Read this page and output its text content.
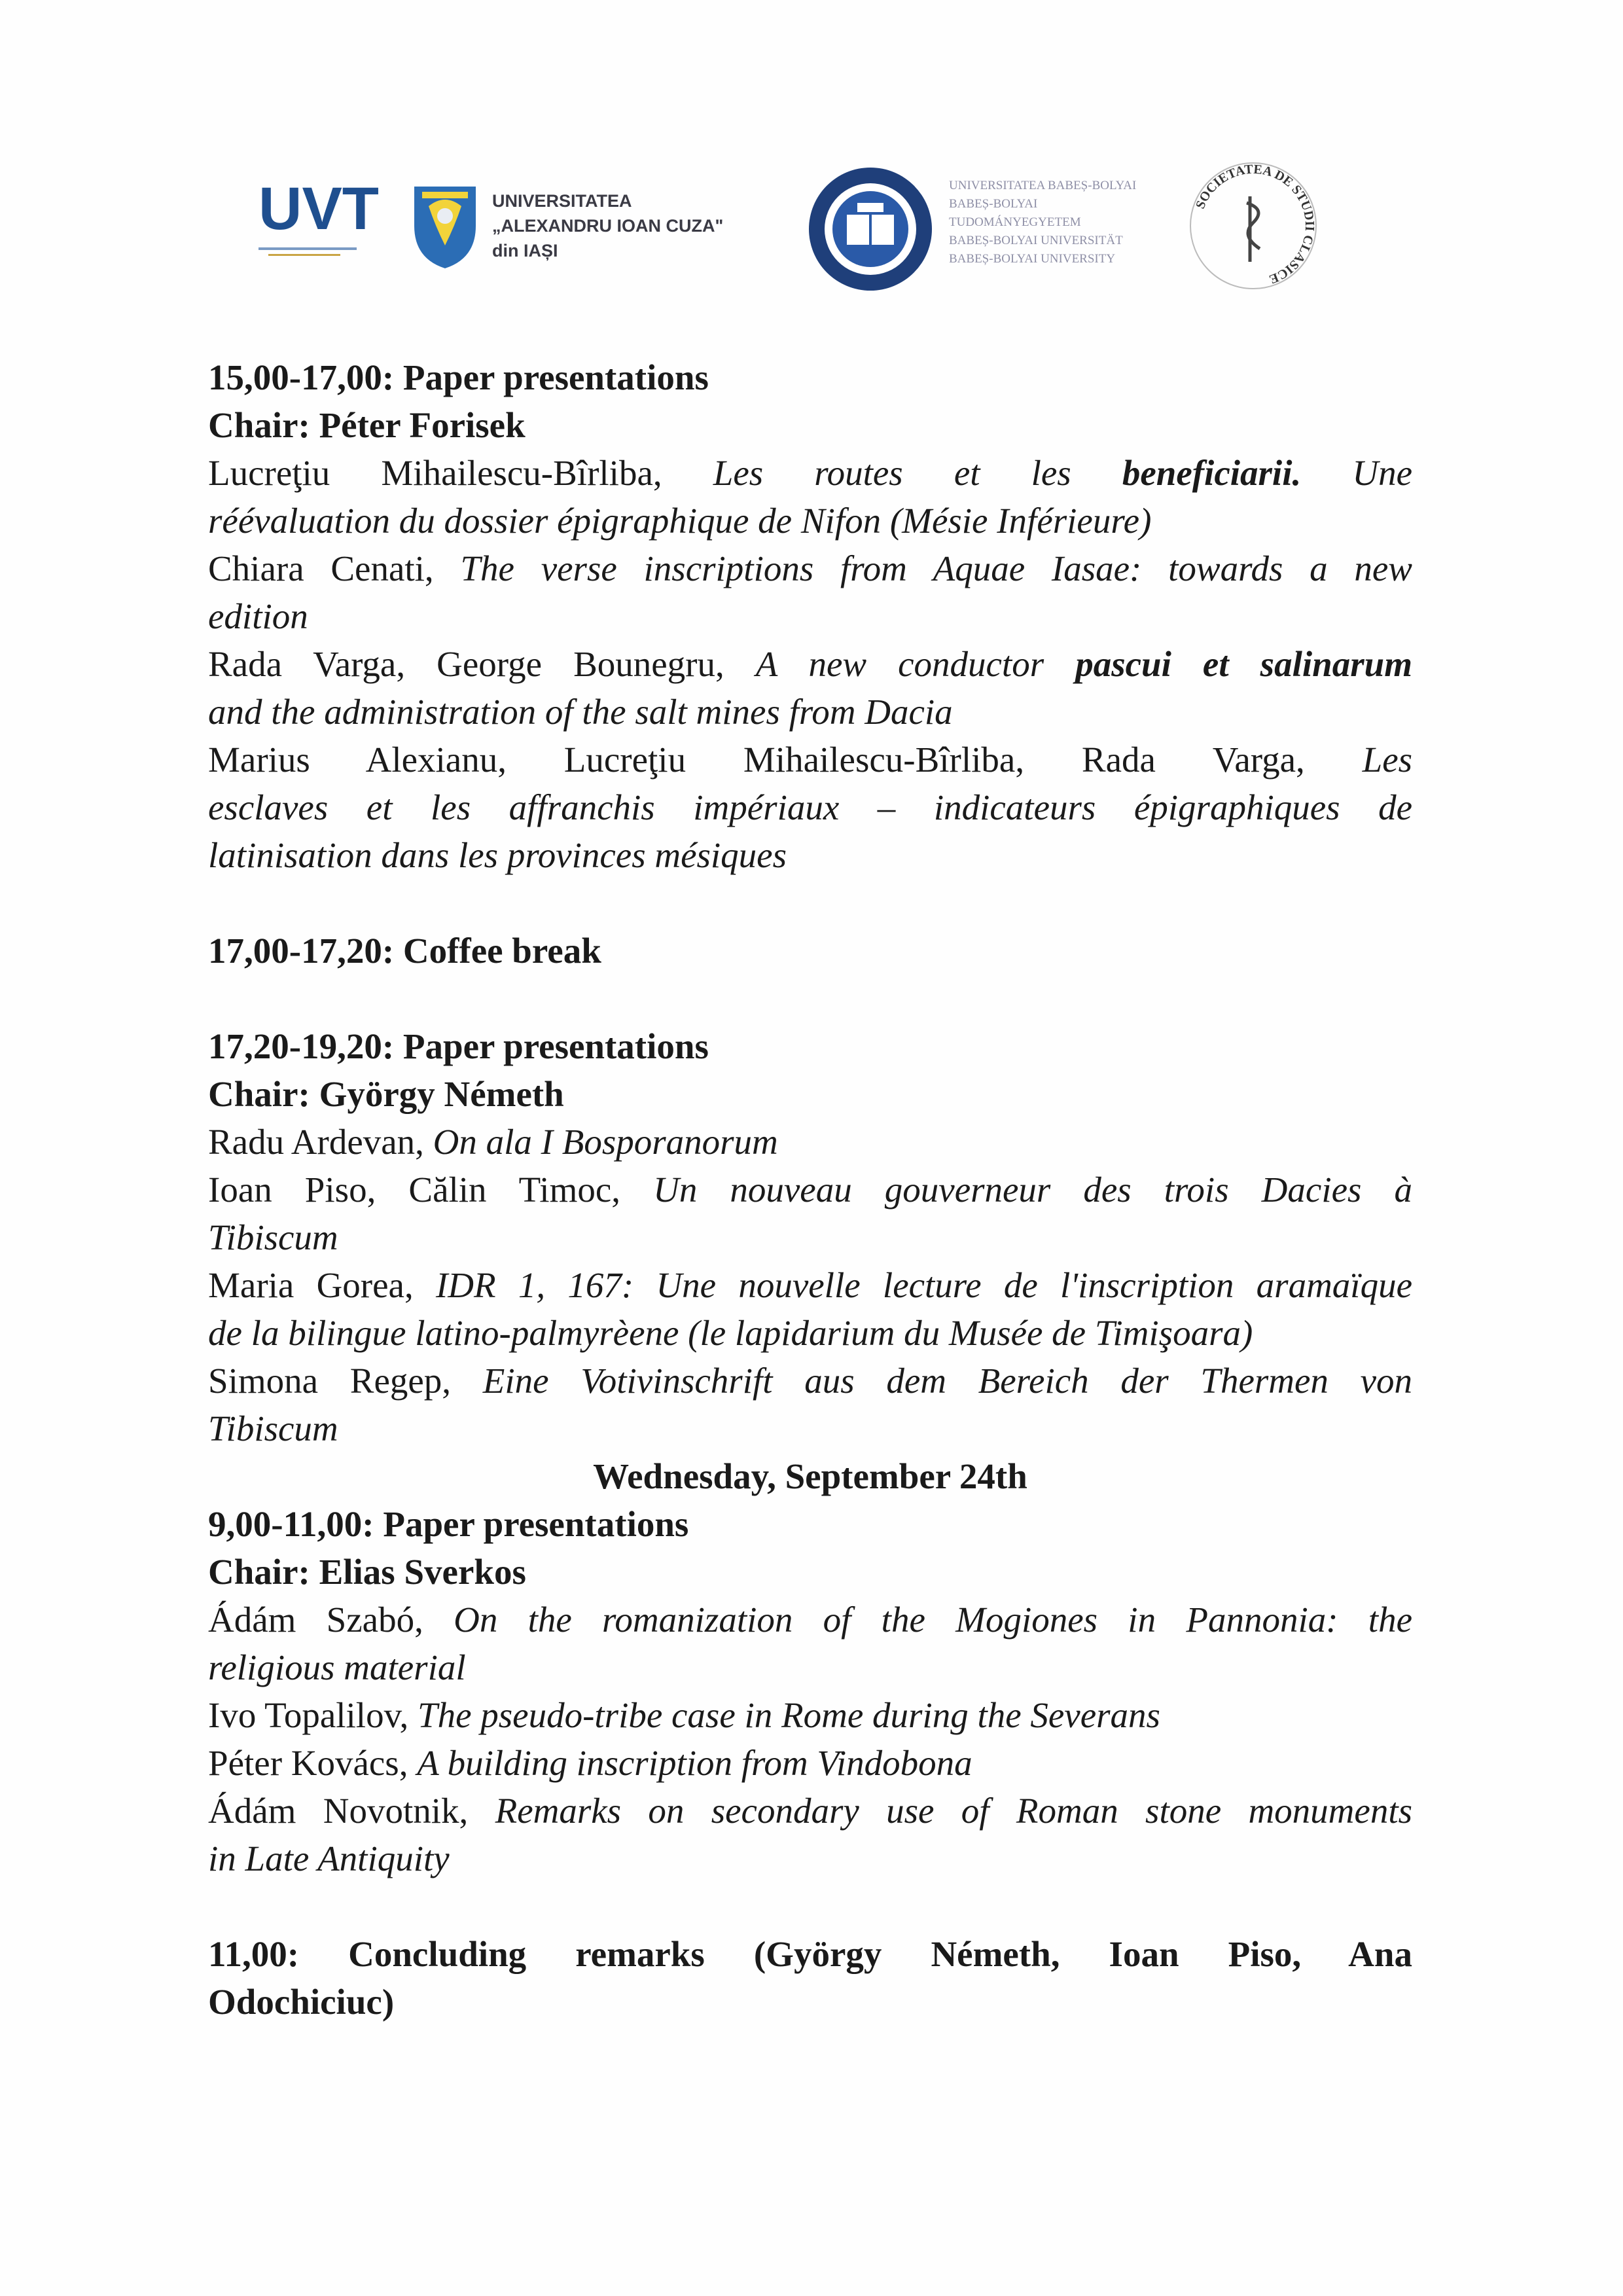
UVT	UNIVERSITATEA
„ALEXANDRU IOAN CUZA"
din IAȘI
UNIVERSITATEA BABEȘ-BOLYAI
BABEȘ-BOLYAI TUDOMÁNYEGYETEM
BABEȘ-BOLYAI UNIVERSITÄT
BABEȘ-BOLYAI UNIVERSITY
SOCIETATEA DE STUDII CLASICE
15,00-17,00: Paper presentations
Chair: Péter Forisek
Lucreţiu Mihailescu-Bîrliba, Les routes et les beneficiarii. Une
réévaluation du dossier épigraphique de Nifon (Mésie Inférieure)
Chiara Cenati, The verse inscriptions from Aquae Iasae: towards a new
edition
Rada Varga, George Bounegru, A new conductor pascui et salinarum
and the administration of the salt mines from Dacia
Marius Alexianu, Lucreţiu Mihailescu-Bîrliba, Rada Varga, Les
esclaves et les affranchis impériaux – indicateurs épigraphiques de
latinisation dans les provinces mésiques
17,00-17,20: Coffee break
17,20-19,20: Paper presentations
Chair: György Németh
Radu Ardevan, On ala I Bosporanorum
Ioan Piso, Călin Timoc, Un nouveau gouverneur des trois Dacies à
Tibiscum
Maria Gorea, IDR 1, 167: Une nouvelle lecture de l'inscription aramaïque
de la bilingue latino-palmyrèene (le lapidarium du Musée de Timişoara)
Simona Regep, Eine Votivinschrift aus dem Bereich der Thermen von
Tibiscum
Wednesday, September 24th
9,00-11,00: Paper presentations
Chair: Elias Sverkos
Ádám Szabó, On the romanization of the Mogiones in Pannonia: the
religious material
Ivo Topalilov, The pseudo-tribe case in Rome during the Severans
Péter Kovács, A building inscription from Vindobona
Ádám Novotnik, Remarks on secondary use of Roman stone monuments
in Late Antiquity
11,00: Concluding remarks (György Németh, Ioan Piso, Ana
Odochiciuc)
